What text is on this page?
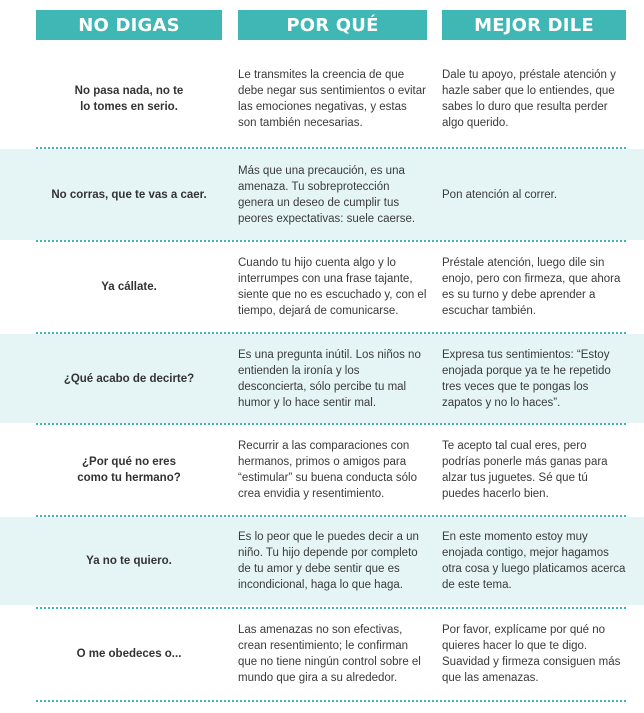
NO DIGAS	POR QUÉ	MEJOR DILE
No pasa nada, no te lo tomes en serio.
Le transmites la creencia de que debe negar sus sentimientos o evitar las emociones negativas, y estas son también necesarias.
Dale tu apoyo, préstale atención y hazle saber que lo entiendes, que sabes lo duro que resulta perder algo querido.
No corras, que te vas a caer.
Más que una precaución, es una amenaza. Tu sobreprotección genera un deseo de cumplir tus peores expectativas: suele caerse.
Pon atención al correr.
Ya cállate.
Cuando tu hijo cuenta algo y lo interrumpes con una frase tajante, siente que no es escuchado y, con el tiempo, dejará de comunicarse.
Préstale atención, luego dile sin enojo, pero con firmeza, que ahora es su turno y debe aprender a escuchar también.
¿Qué acabo de decirte?
Es una pregunta inútil. Los niños no entienden la ironía y los desconcierta, sólo percibe tu mal humor y lo hace sentir mal.
Expresa tus sentimientos: “Estoy enojada porque ya te he repetido tres veces que te pongas los zapatos y no lo haces”.
¿Por qué no eres como tu hermano?
Recurrir a las comparaciones con hermanos, primos o amigos para “estimular” su buena conducta sólo crea envidia y resentimiento.
Te acepto tal cual eres, pero podrías ponerle más ganas para alzar tus juguetes. Sé que tú puedes hacerlo bien.
Ya no te quiero.
Es lo peor que le puedes decir a un niño. Tu hijo depende por completo de tu amor y debe sentir que es incondicional, haga lo que haga.
En este momento estoy muy enojada contigo, mejor hagamos otra cosa y luego platicamos acerca de este tema.
O me obedeces o...
Las amenazas no son efectivas, crean resentimiento; le confirman que no tiene ningún control sobre el mundo que gira a su alrededor.
Por favor, explícame por qué no quieres hacer lo que te digo. Suavidad y firmeza consiguen más que las amenazas.
